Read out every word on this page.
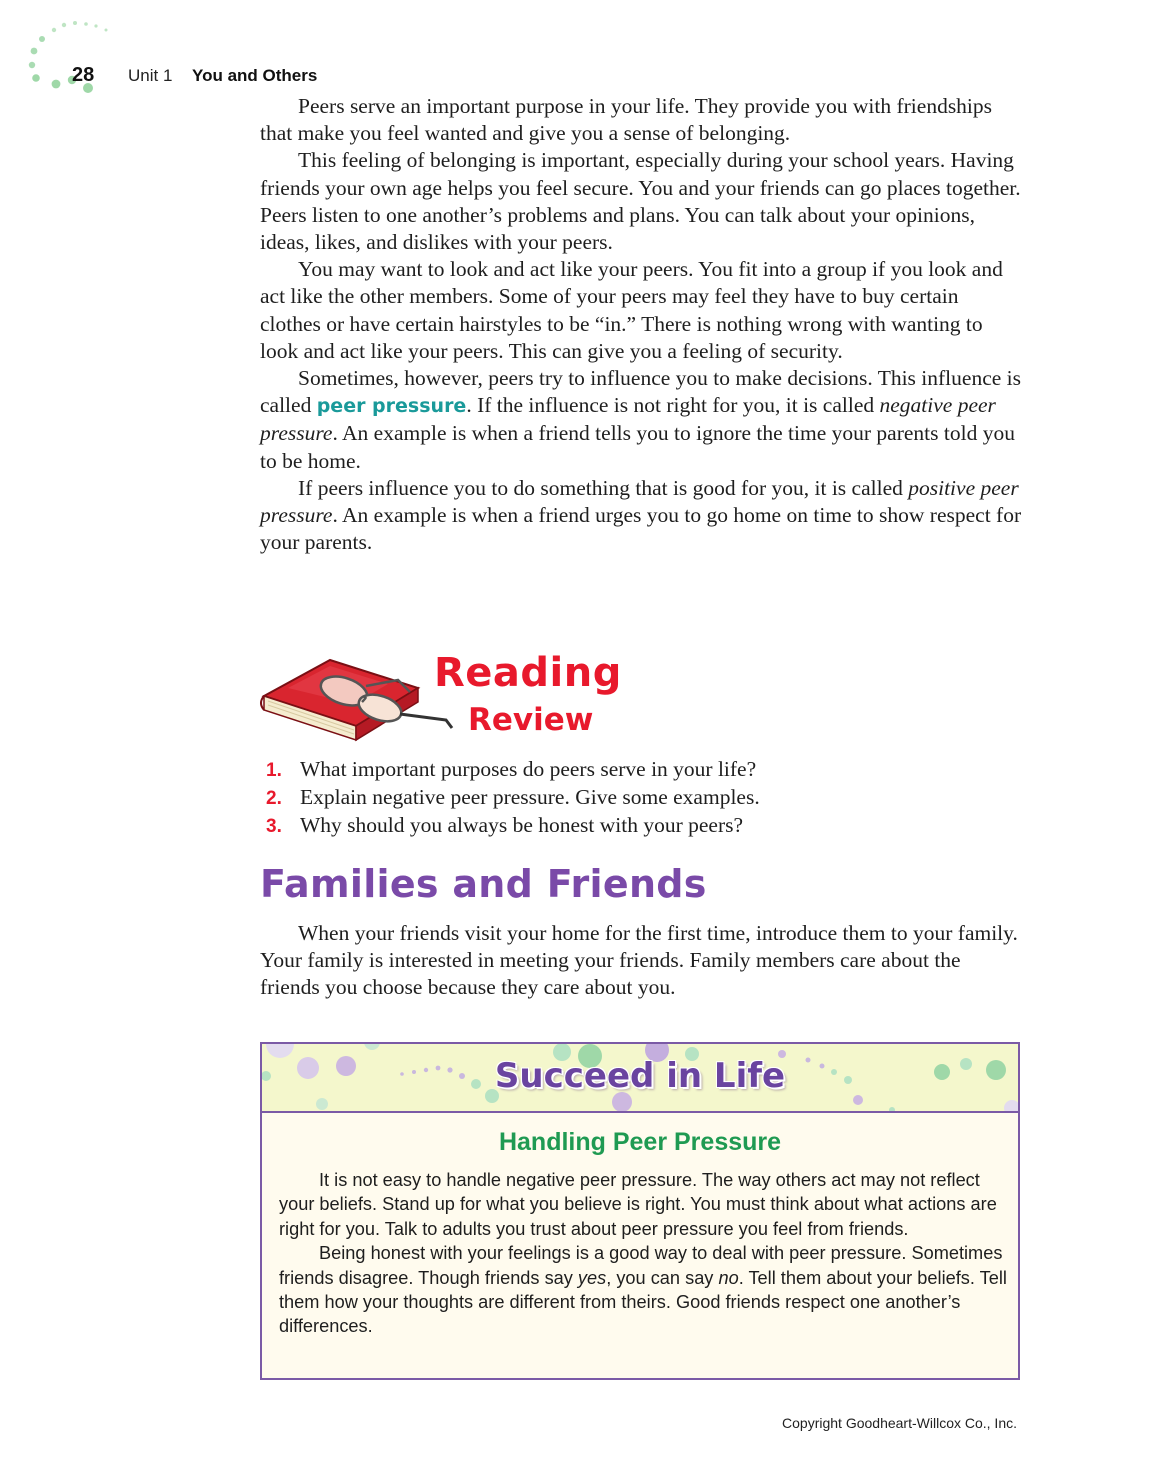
28 Unit 1 You and Others

Peers serve an important purpose in your life. They provide you with friendships that make you feel wanted and give you a sense of belonging.

This feeling of belonging is important, especially during your school years. Having friends your own age helps you feel secure. You and your friends can go places together. Peers listen to one another’s problems and plans. You can talk about your opinions, ideas, likes, and dislikes with your peers.

You may want to look and act like your peers. You fit into a group if you look and act like the other members. Some of your peers may feel they have to buy certain clothes or have certain hairstyles to be “in.” There is nothing wrong with wanting to look and act like your peers. This can give you a feeling of security.

Sometimes, however, peers try to influence you to make decisions. This influence is called peer pressure. If the influence is not right for you, it is called negative peer pressure. An example is when a friend tells you to ignore the time your parents told you to be home.

If peers influence you to do something that is good for you, it is called positive peer pressure. An example is when a friend urges you to go home on time to show respect for your parents.

Reading
Review
1. What important purposes do peers serve in your life?
2. Explain negative peer pressure. Give some examples.
3. Why should you always be honest with your peers?
Families and Friends

When your friends visit your home for the first time, introduce them to your family. Your family is interested in meeting your friends. Family members care about the friends you choose because they care about you.

Succeed in Life
Handling Peer Pressure

It is not easy to handle negative peer pressure. The way others act may not reflect your beliefs. Stand up for what you believe is right. You must think about what actions are right for you. Talk to adults you trust about peer pressure you feel from friends.

Being honest with your feelings is a good way to deal with peer pressure. Sometimes friends disagree. Though friends say yes, you can say no. Tell them about your beliefs. Tell them how your thoughts are different from theirs. Good friends respect one another’s differences.

Copyright Goodheart-Willcox Co., Inc.
